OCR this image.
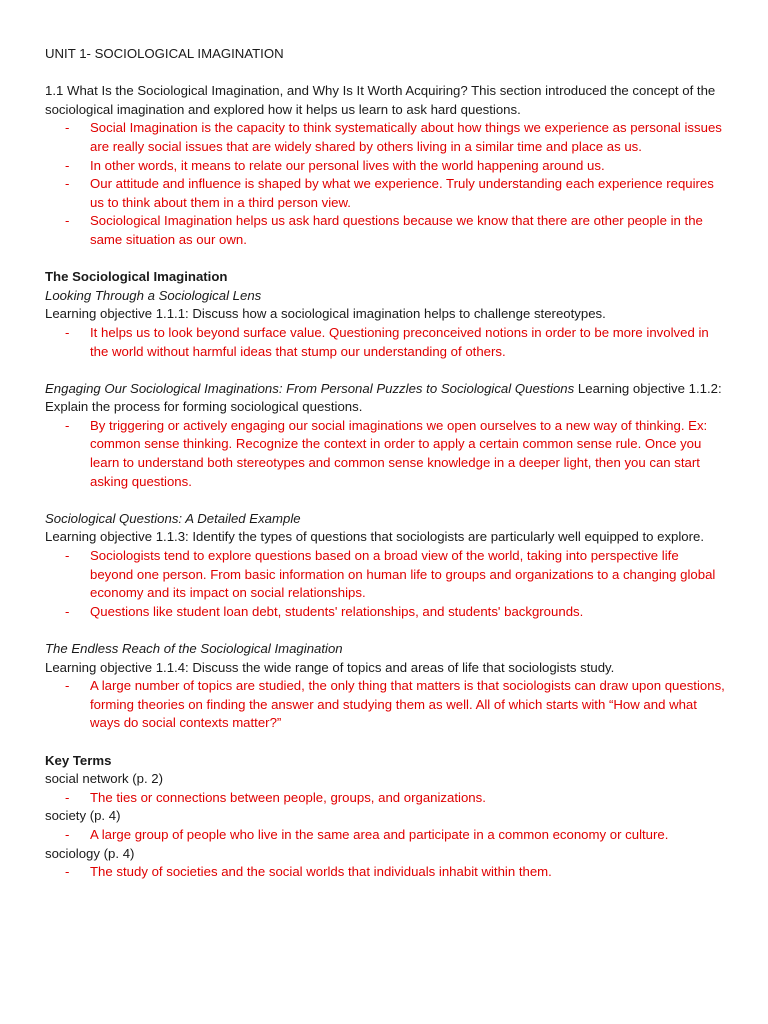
UNIT 1- SOCIOLOGICAL IMAGINATION

1.1 What Is the Sociological Imagination, and Why Is It Worth Acquiring? This section introduced the concept of the sociological imagination and explored how it helps us learn to ask hard questions.

- Social Imagination is the capacity to think systematically about how things we experience as personal issues are really social issues that are widely shared by others living in a similar time and place as us.
- In other words, it means to relate our personal lives with the world happening around us.
- Our attitude and influence is shaped by what we experience. Truly understanding each experience requires us to think about them in a third person view.
- Sociological Imagination helps us ask hard questions because we know that there are other people in the same situation as our own.

The Sociological Imagination

Looking Through a Sociological Lens

Learning objective 1.1.1: Discuss how a sociological imagination helps to challenge stereotypes.

- It helps us to look beyond surface value. Questioning preconceived notions in order to be more involved in the world without harmful ideas that stump our understanding of others.

Engaging Our Sociological Imaginations: From Personal Puzzles to Sociological Questions Learning objective 1.1.2: Explain the process for forming sociological questions.

- By triggering or actively engaging our social imaginations we open ourselves to a new way of thinking. Ex: common sense thinking. Recognize the context in order to apply a certain common sense rule. Once you learn to understand both stereotypes and common sense knowledge in a deeper light, then you can start asking questions.

Sociological Questions: A Detailed Example

Learning objective 1.1.3: Identify the types of questions that sociologists are particularly well equipped to explore.

- Sociologists tend to explore questions based on a broad view of the world, taking into perspective life beyond one person. From basic information on human life to groups and organizations to a changing global economy and its impact on social relationships.
- Questions like student loan debt, students' relationships, and students' backgrounds.

The Endless Reach of the Sociological Imagination

Learning objective 1.1.4: Discuss the wide range of topics and areas of life that sociologists study.

- A large number of topics are studied, the only thing that matters is that sociologists can draw upon questions, forming theories on finding the answer and studying them as well. All of which starts with “How and what ways do social contexts matter?”

Key Terms

social network (p. 2)

- The ties or connections between people, groups, and organizations.

society (p. 4)

- A large group of people who live in the same area and participate in a common economy or culture.

sociology (p. 4)

- The study of societies and the social worlds that individuals inhabit within them.
